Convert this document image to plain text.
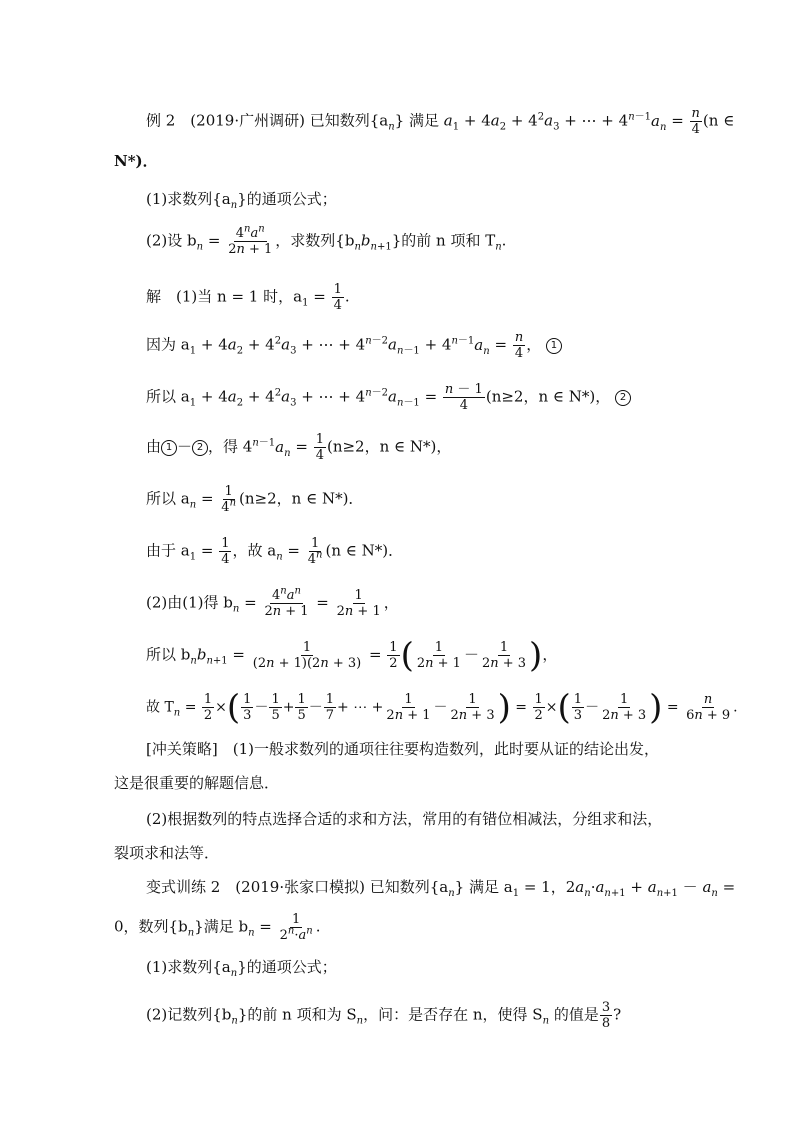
例 2　(2019·广州调研) 已知数列$\{a_n\}$ 满足 $a_1 + 4a_2 + 4^2a_3$ + ⋯ + $4^{n-1}a_n = \frac{n}{4} (n$ ∈
N*)．
(1)求数列$\{a_n\}$的通项公式；
(2)设 $b_n = \frac{4^na^n}{2n + 1}$ ，求数列$\{b_nb_{n+1}\}$的前 n 项和 $T_n$.
解　 (1)当 n = 1 时，$a_1 = \frac{1}{4}$ .
因为 $a_1 + 4a_2 + 4^2a_3$ + ⋯ + $4^{n-2}a_{n-1} + 4^{n-1}a_n = \frac{n}{4}$ ， 1
所以 $a_1 + 4a_2 + 4^2a_3$ + ⋯ + $4^{n-2}a_{n-1} = \frac{n - 1}{4} (n\ge 2$，n ∈ N*)， 2
由 1 － 2 ，得 $4^{n-1}a_n = \frac{1}{4} (n\ge 2$，n ∈ N*)，
所以 $a_n = \frac{1}{4^n} (n\ge 2$，n ∈ N*)．
由于 $a_1 = \frac{1}{4}$ ，故 $a_n = \frac{1}{4^n} (n$ ∈ N*)．
(2)由(1)得 $b_n = \frac{4^na^n}{2n + 1} = \frac{1}{2n + 1}$ ，
所以 $b_nb_{n+1} = \frac{1}{(2n + 1)(2n + 3)} = \frac{1}{2}$ ( $\frac{1}{2n + 1} - \frac{1}{2n + 3}$ )，
故 $T_n = \frac{1}{2}$ ×( $\frac{1}{3} - \frac{1}{5} + \frac{1}{5} - \frac{1}{7}$ + ⋯ + $\frac{1}{2n + 1} - \frac{1}{2n + 3}$ ) = $\frac{1}{2}$ ×( $\frac{1}{3} - \frac{1}{2n + 3}$ ) = $\frac{n}{6n + 9}$ .
[冲关策略]　 (1)一般求数列的通项往往要构造数列，此时要从证的结论出发，
这是很重要的解题信息．
(2)根据数列的特点选择合适的求和方法，常用的有错位相减法，分组求和法，
裂项求和法等．
变式训练 2　(2019·张家口模拟) 已知数列$\{a_n\}$ 满足 $a_1 = 1$，$2a_n\cdot a_{n+1} + a_{n+1} - a_n$ =
0，数列$\{b_n\}$满足 $b_n = \frac{1}{2^n\cdot a^n}$ .
(1)求数列$\{a_n\}$的通项公式；
(2)记数列$\{b_n\}$的前 n 项和为 $S_n$，问：是否存在 n，使得 $S_n$ 的值是 $\frac{3}{8}$ ?
